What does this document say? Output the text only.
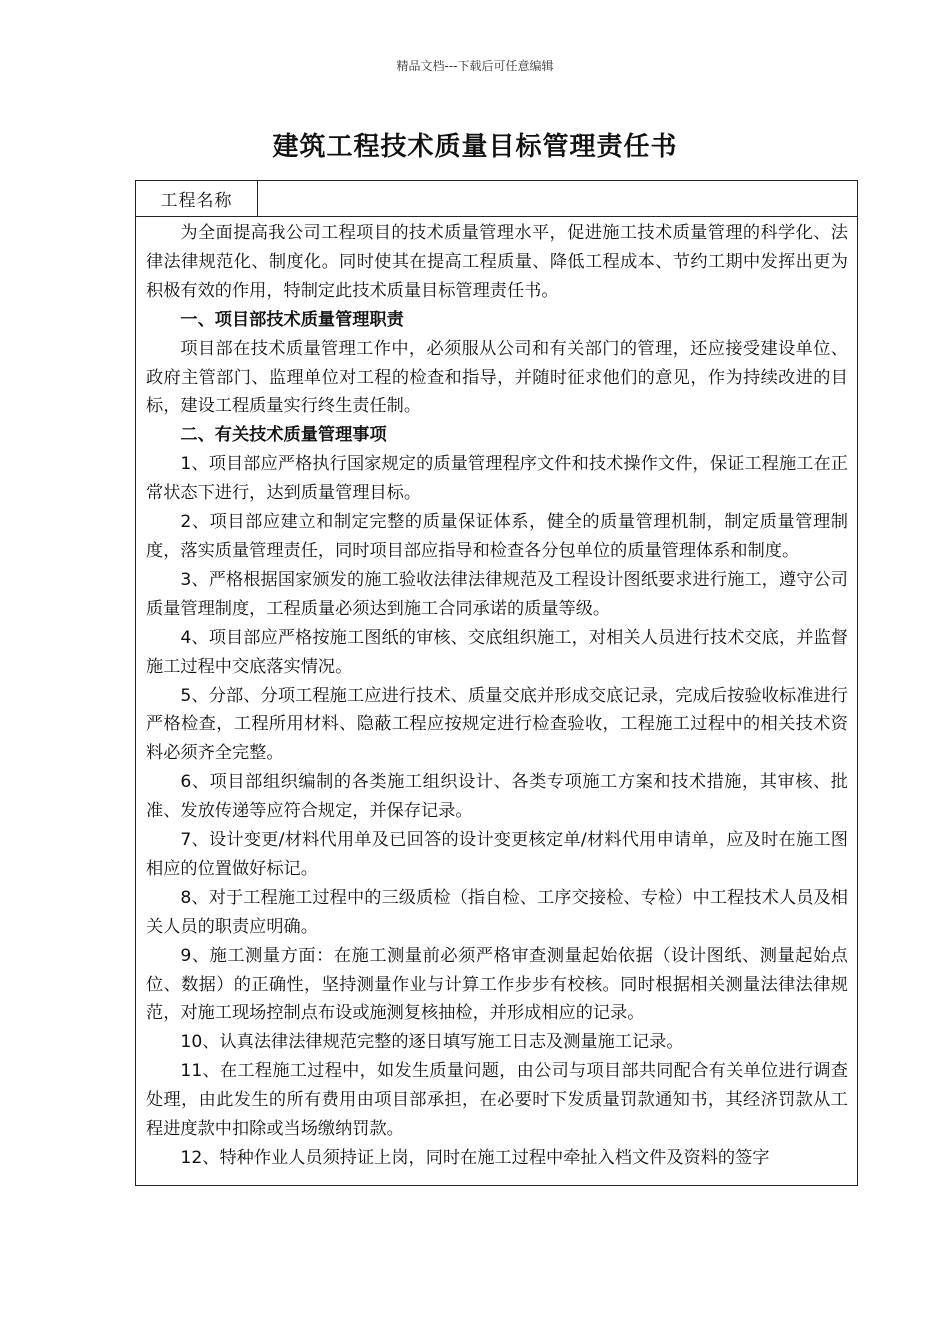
精品文档---下载后可任意编辑
建筑工程技术质量目标管理责任书
工程名称

为全面提高我公司工程项目的技术质量管理水平，促进施工技术质量管理的科学化、法律法律规范化、制度化。同时使其在提高工程质量、降低工程成本、节约工期中发挥出更为积极有效的作用，特制定此技术质量目标管理责任书。

一、项目部技术质量管理职责

项目部在技术质量管理工作中，必须服从公司和有关部门的管理，还应接受建设单位、政府主管部门、监理单位对工程的检查和指导，并随时征求他们的意见，作为持续改进的目标，建设工程质量实行终生责任制。

二、有关技术质量管理事项

1、项目部应严格执行国家规定的质量管理程序文件和技术操作文件，保证工程施工在正常状态下进行，达到质量管理目标。

2、项目部应建立和制定完整的质量保证体系，健全的质量管理机制，制定质量管理制度，落实质量管理责任，同时项目部应指导和检查各分包单位的质量管理体系和制度。

3、严格根据国家颁发的施工验收法律法律规范及工程设计图纸要求进行施工，遵守公司质量管理制度，工程质量必须达到施工合同承诺的质量等级。

4、项目部应严格按施工图纸的审核、交底组织施工，对相关人员进行技术交底，并监督施工过程中交底落实情况。

5、分部、分项工程施工应进行技术、质量交底并形成交底记录，完成后按验收标准进行严格检查，工程所用材料、隐蔽工程应按规定进行检查验收，工程施工过程中的相关技术资料必须齐全完整。

6、项目部组织编制的各类施工组织设计、各类专项施工方案和技术措施，其审核、批准、发放传递等应符合规定，并保存记录。

7、设计变更/材料代用单及已回答的设计变更核定单/材料代用申请单，应及时在施工图相应的位置做好标记。

8、对于工程施工过程中的三级质检（指自检、工序交接检、专检）中工程技术人员及相关人员的职责应明确。

9、施工测量方面：在施工测量前必须严格审查测量起始依据（设计图纸、测量起始点位、数据）的正确性，坚持测量作业与计算工作步步有校核。同时根据相关测量法律法律规范，对施工现场控制点布设或施测复核抽检，并形成相应的记录。

10、认真法律法律规范完整的逐日填写施工日志及测量施工记录。

11、在工程施工过程中，如发生质量问题，由公司与项目部共同配合有关单位进行调查处理，由此发生的所有费用由项目部承担，在必要时下发质量罚款通知书，其经济罚款从工程进度款中扣除或当场缴纳罚款。

12、特种作业人员须持证上岗，同时在施工过程中牵扯入档文件及资料的签字
